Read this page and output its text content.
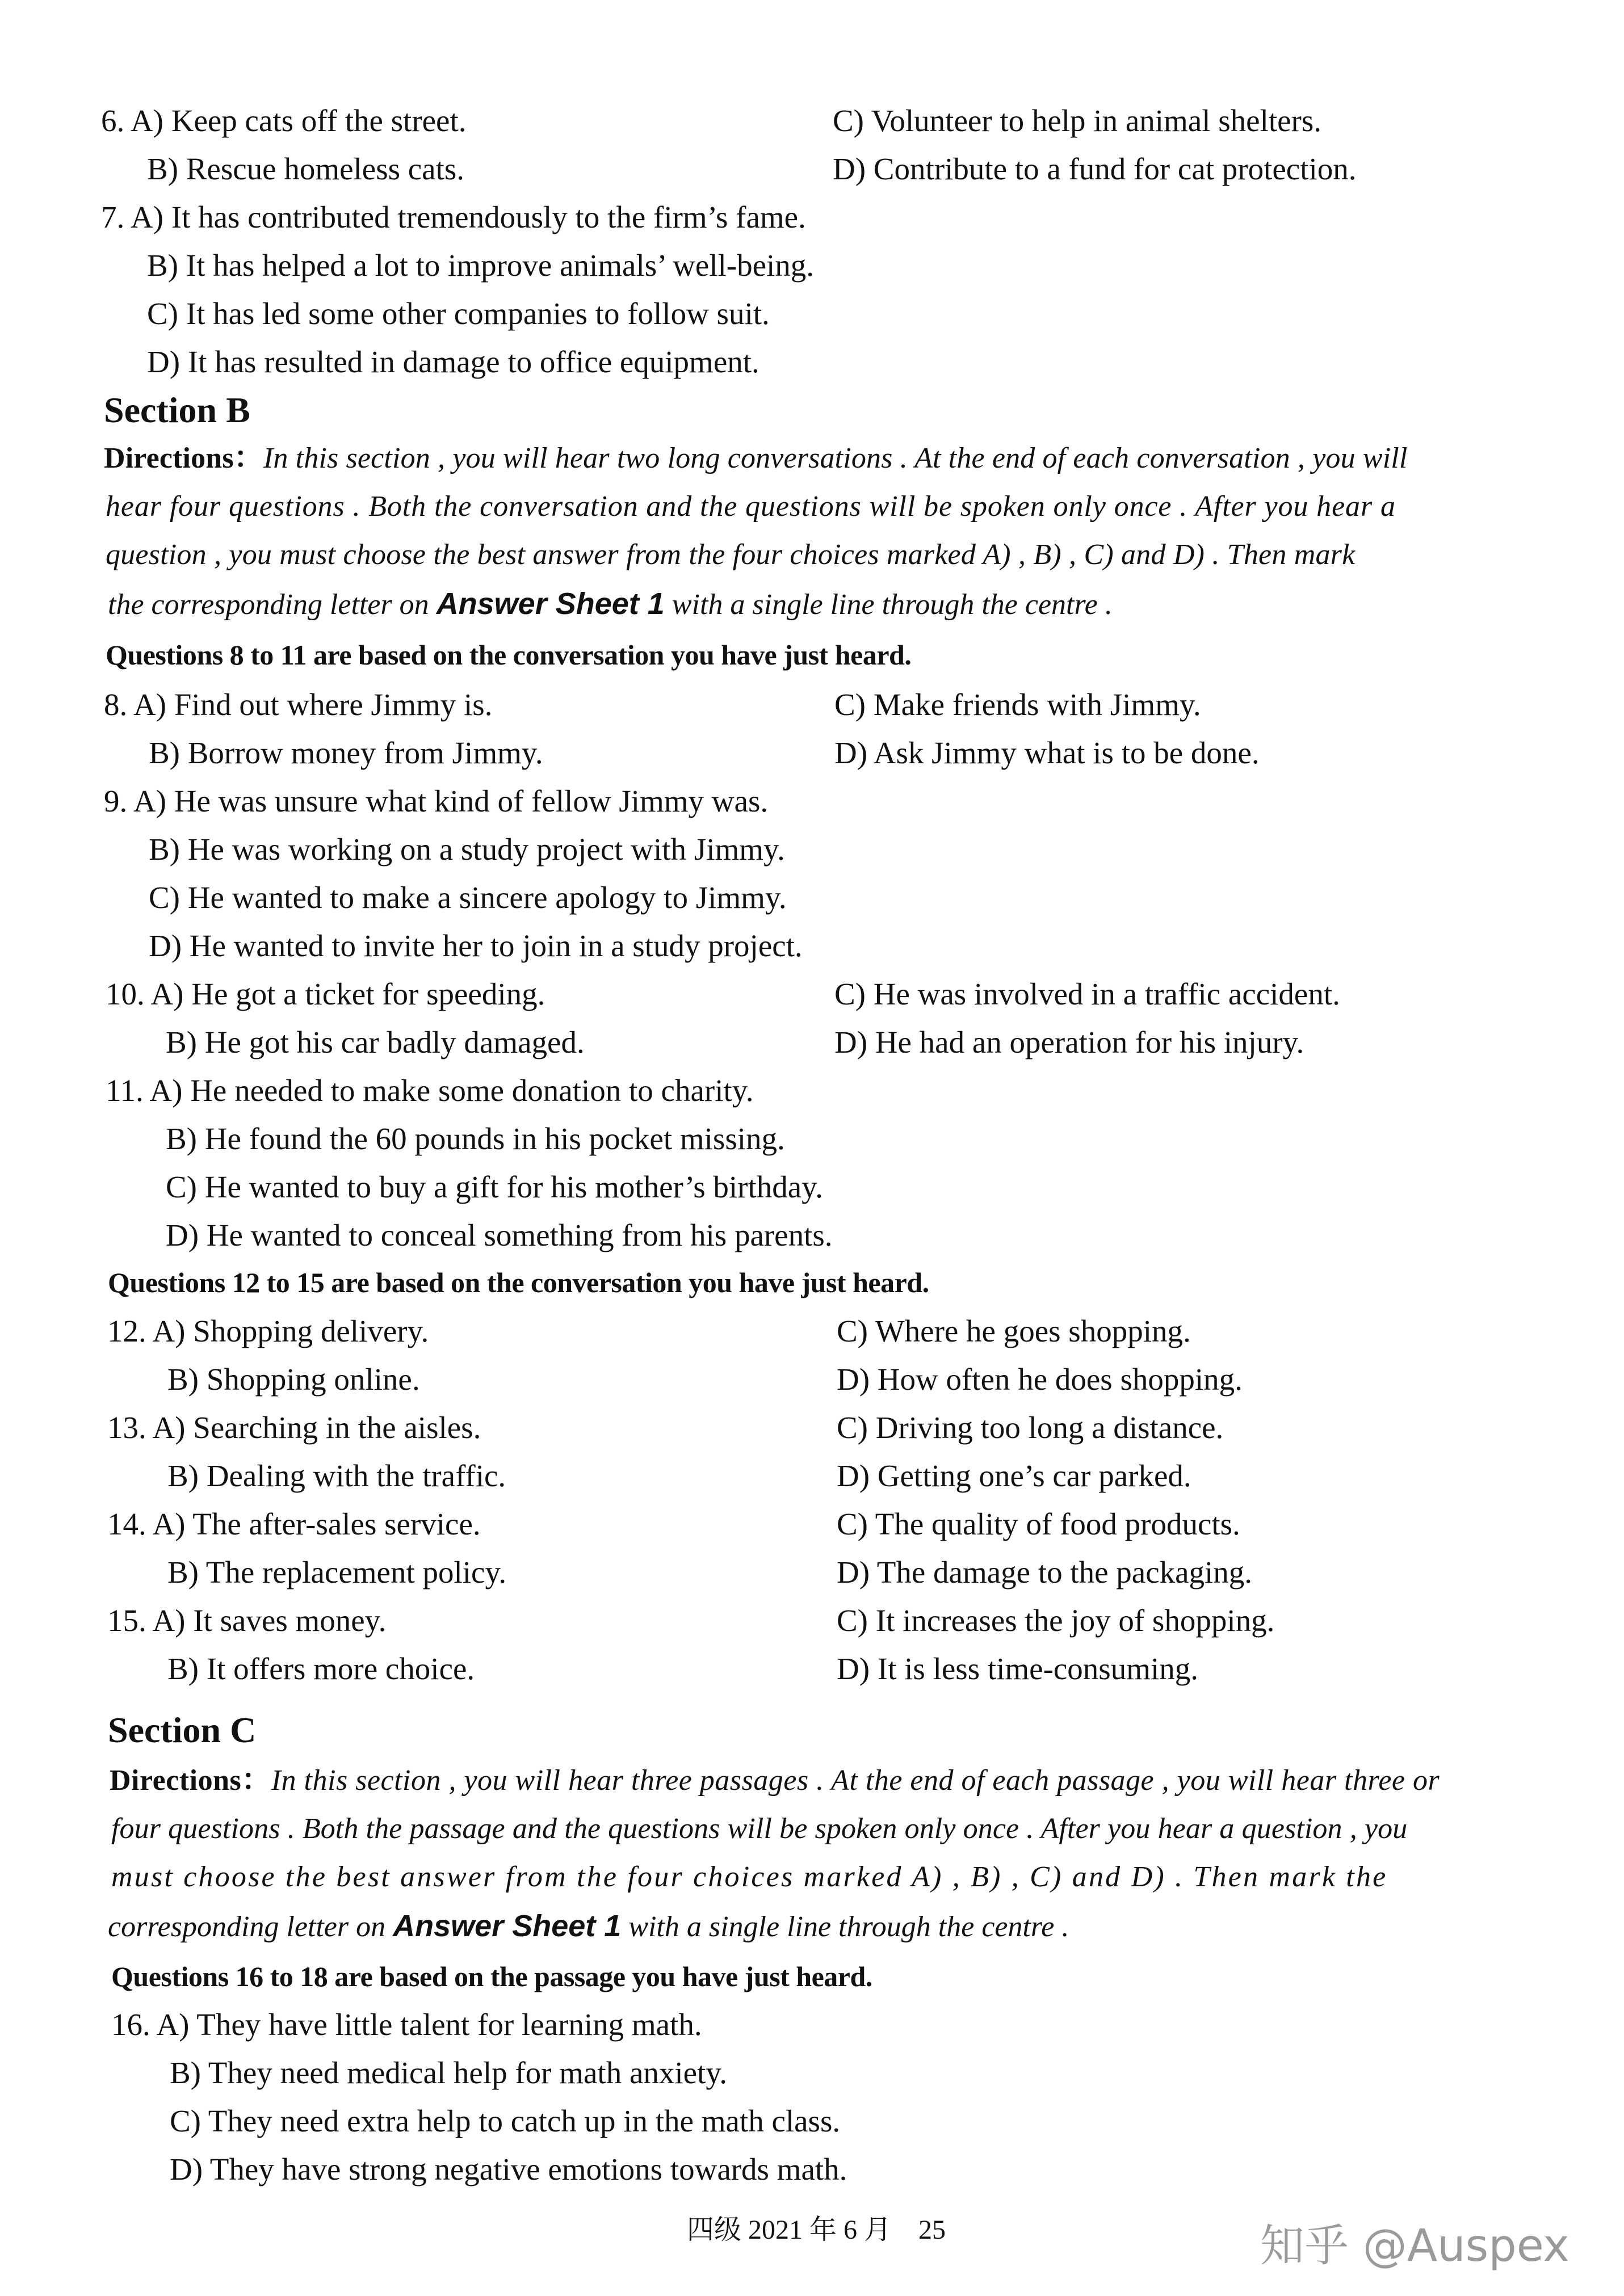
6. A) Keep cats off the street.	C) Volunteer to help in animal shelters.
B) Rescue homeless cats.	D) Contribute to a fund for cat protection.
7. A) It has contributed tremendously to the firm’s fame.
B) It has helped a lot to improve animals’ well-being.
C) It has led some other companies to follow suit.
D) It has resulted in damage to office equipment.
8. A) Find out where Jimmy is.	C) Make friends with Jimmy.
B) Borrow money from Jimmy.	D) Ask Jimmy what is to be done.
9. A) He was unsure what kind of fellow Jimmy was.
B) He was working on a study project with Jimmy.
C) He wanted to make a sincere apology to Jimmy.
D) He wanted to invite her to join in a study project.
10. A) He got a ticket for speeding.	C) He was involved in a traffic accident.
B) He got his car badly damaged.	D) He had an operation for his injury.
11. A) He needed to make some donation to charity.
B) He found the 60 pounds in his pocket missing.
C) He wanted to buy a gift for his mother’s birthday.
D) He wanted to conceal something from his parents.
12. A) Shopping delivery.	C) Where he goes shopping.
B) Shopping online.	D) How often he does shopping.
13. A) Searching in the aisles.	C) Driving too long a distance.
B) Dealing with the traffic.	D) Getting one’s car parked.
14. A) The after-sales service.	C) The quality of food products.
B) The replacement policy.	D) The damage to the packaging.
15. A) It saves money.	C) It increases the joy of shopping.
B) It offers more choice.	D) It is less time-consuming.
16. A) They have little talent for learning math.
B) They need medical help for math anxiety.
C) They need extra help to catch up in the math class.
D) They have strong negative emotions towards math.
Section B
Directions：In this section , you will hear two long conversations . At the end of each conversation , you will
hear four questions . Both the conversation and the questions will be spoken only once . After you hear a
question , you must choose the best answer from the four choices marked A) , B) , C) and D) . Then mark
the corresponding letter on Answer Sheet 1 with a single line through the centre .
Questions 8 to 11 are based on the conversation you have just heard.
Questions 12 to 15 are based on the conversation you have just heard.
Section C
Directions：In this section , you will hear three passages . At the end of each passage , you will hear three or
four questions . Both the passage and the questions will be spoken only once . After you hear a question , you
must choose the best answer from the four choices marked A) , B) , C) and D) . Then mark the
corresponding letter on Answer Sheet 1 with a single line through the centre .
Questions 16 to 18 are based on the passage you have just heard.
四级 2021 年 6 月　25	知乎 @Auspex
